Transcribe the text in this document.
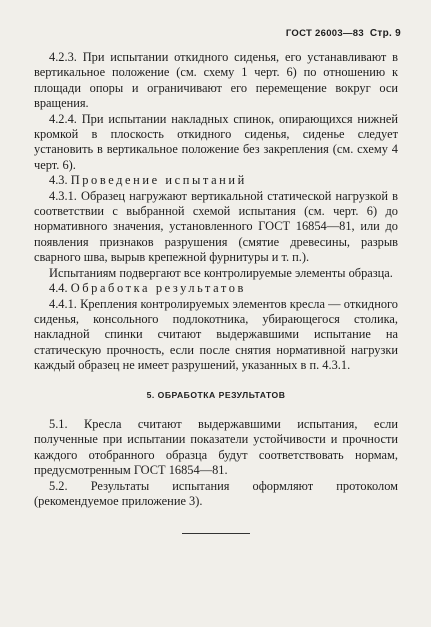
ГОСТ 26003—83 Стр. 9

4.2.3. При испытании откидного сиденья, его устанавливают в вертикальное положение (см. схему 1 черт. 6) по отношению к площади опоры и ограничивают его перемещение вокруг оси вращения.

4.2.4. При испытании накладных спинок, опирающихся нижней кромкой в плоскость откидного сиденья, сиденье следует установить в вертикальное положение без закрепления (см. схему 4 черт. 6).

4.3. Проведение испытаний

4.3.1. Образец нагружают вертикальной статической нагрузкой в соответствии с выбранной схемой испытания (см. черт. 6) до нормативного значения, установленного ГОСТ 16854—81, или до появления признаков разрушения (смятие древесины, разрыв сварного шва, вырыв крепежной фурнитуры и т. п.).

Испытаниям подвергают все контролируемые элементы образца.

4.4. Обработка результатов

4.4.1. Крепления контролируемых элементов кресла — откидного сиденья, консольного подлокотника, убирающегося столика, накладной спинки считают выдержавшими испытание на статическую прочность, если после снятия нормативной нагрузки каждый образец не имеет разрушений, указанных в п. 4.3.1.

5. ОБРАБОТКА РЕЗУЛЬТАТОВ

5.1. Кресла считают выдержавшими испытания, если полученные при испытании показатели устойчивости и прочности каждого отобранного образца будут соответствовать нормам, предусмотренным ГОСТ 16854—81.

5.2. Результаты испытания оформляют протоколом (рекомендуемое приложение 3).
